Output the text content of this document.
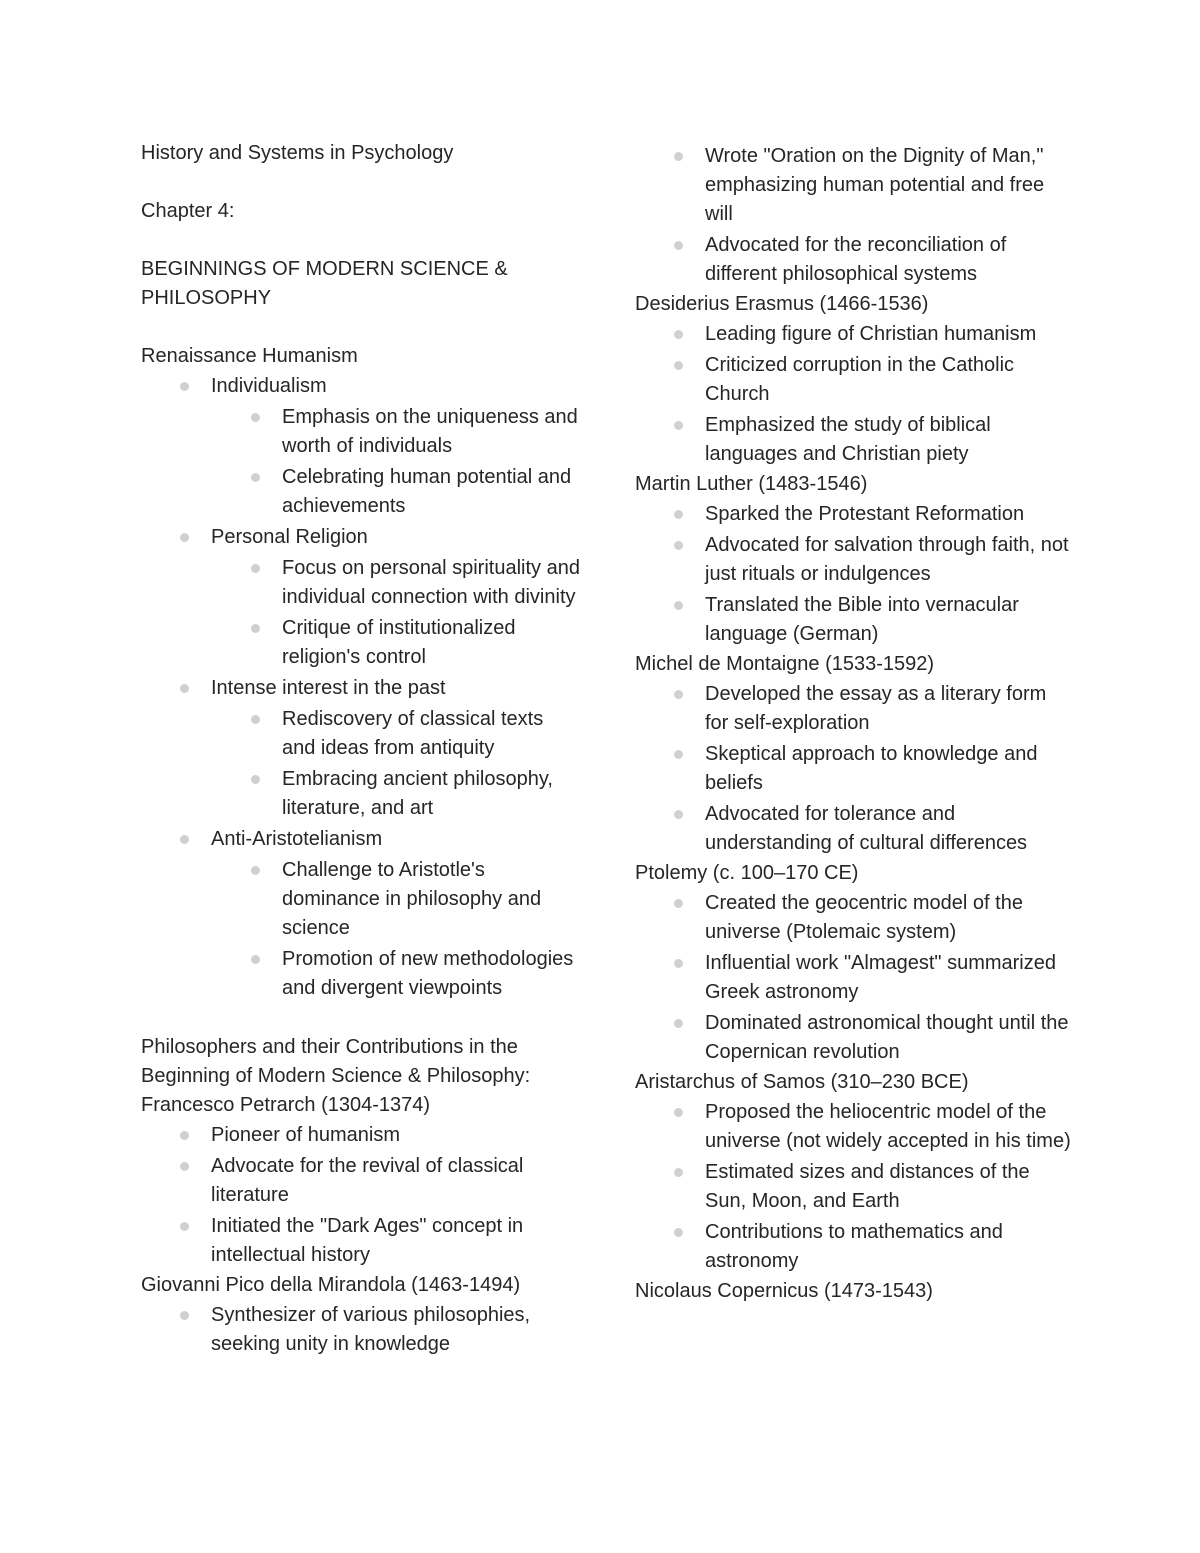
History and Systems in Psychology

Chapter 4:

BEGINNINGS OF MODERN SCIENCE & PHILOSOPHY

Renaissance Humanism

Individualism
Emphasis on the uniqueness and worth of individuals
Celebrating human potential and achievements
Personal Religion
Focus on personal spirituality and individual connection with divinity
Critique of institutionalized religion's control
Intense interest in the past
Rediscovery of classical texts and ideas from antiquity
Embracing ancient philosophy, literature, and art
Anti-Aristotelianism
Challenge to Aristotle's dominance in philosophy and science
Promotion of new methodologies and divergent viewpoints

Philosophers and their Contributions in the Beginning of Modern Science & Philosophy:

Francesco Petrarch (1304-1374)

Pioneer of humanism
Advocate for the revival of classical literature
Initiated the "Dark Ages" concept in intellectual history

Giovanni Pico della Mirandola (1463-1494)

Synthesizer of various philosophies, seeking unity in knowledge
Wrote "Oration on the Dignity of Man," emphasizing human potential and free will
Advocated for the reconciliation of different philosophical systems

Desiderius Erasmus (1466-1536)

Leading figure of Christian humanism
Criticized corruption in the Catholic Church
Emphasized the study of biblical languages and Christian piety

Martin Luther (1483-1546)

Sparked the Protestant Reformation
Advocated for salvation through faith, not just rituals or indulgences
Translated the Bible into vernacular language (German)

Michel de Montaigne (1533-1592)

Developed the essay as a literary form for self-exploration
Skeptical approach to knowledge and beliefs
Advocated for tolerance and understanding of cultural differences

Ptolemy (c. 100–170 CE)

Created the geocentric model of the universe (Ptolemaic system)
Influential work "Almagest" summarized Greek astronomy
Dominated astronomical thought until the Copernican revolution

Aristarchus of Samos (310–230 BCE)

Proposed the heliocentric model of the universe (not widely accepted in his time)
Estimated sizes and distances of the Sun, Moon, and Earth
Contributions to mathematics and astronomy

Nicolaus Copernicus (1473-1543)
